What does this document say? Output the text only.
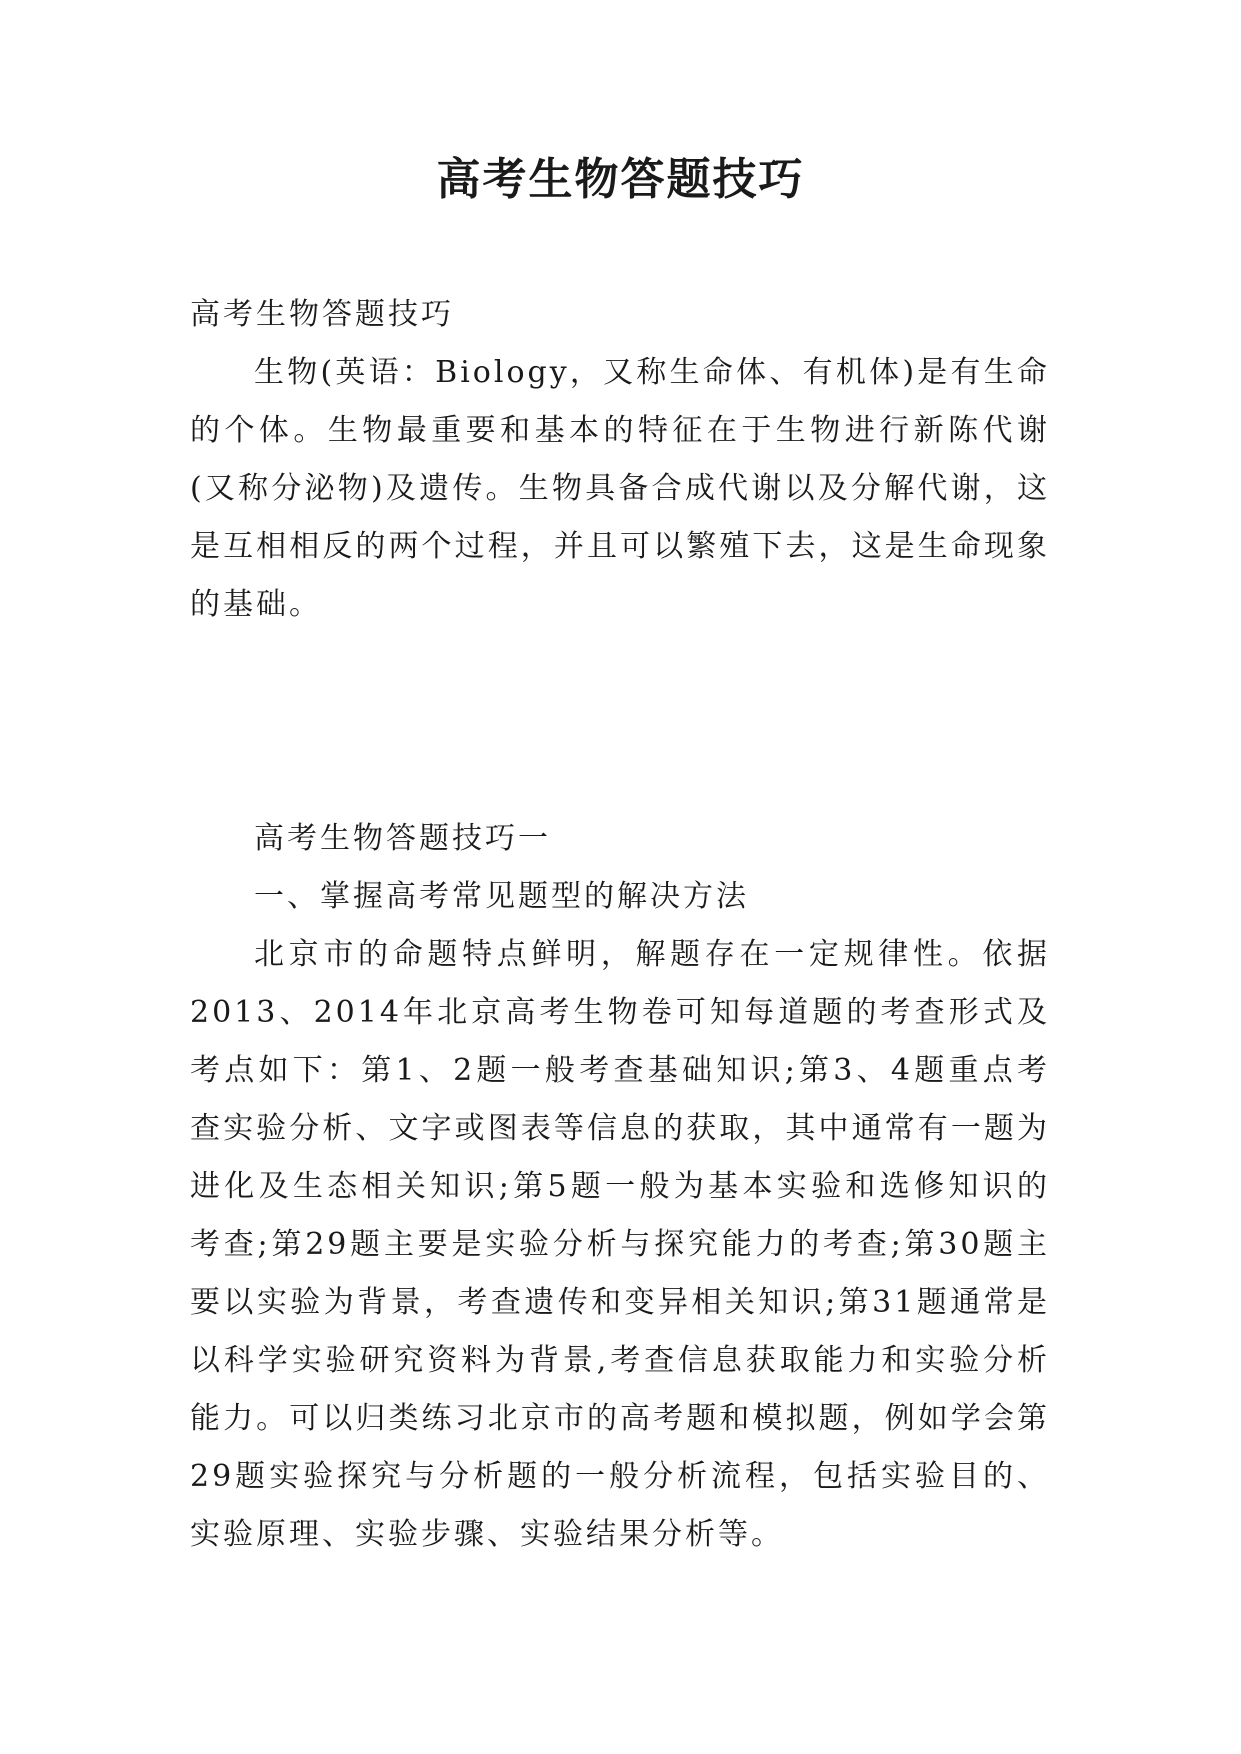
高考生物答题技巧

高考生物答题技巧

生物(英语：Biology，又称生命体、有机体)是有生命的个体。生物最重要和基本的特征在于生物进行新陈代谢(又称分泌物)及遗传。生物具备合成代谢以及分解代谢，这是互相相反的两个过程，并且可以繁殖下去，这是生命现象的基础。

高考生物答题技巧一

一、掌握高考常见题型的解决方法

北京市的命题特点鲜明，解题存在一定规律性。依据2013、2014年北京高考生物卷可知每道题的考查形式及考点如下：第1、2题一般考查基础知识;第3、4题重点考查实验分析、文字或图表等信息的获取，其中通常有一题为进化及生态相关知识;第5题一般为基本实验和选修知识的考查;第29题主要是实验分析与探究能力的考查;第30题主要以实验为背景，考查遗传和变异相关知识;第31题通常是以科学实验研究资料为背景,考查信息获取能力和实验分析能力。可以归类练习北京市的高考题和模拟题，例如学会第29题实验探究与分析题的一般分析流程，包括实验目的、实验原理、实验步骤、实验结果分析等。
